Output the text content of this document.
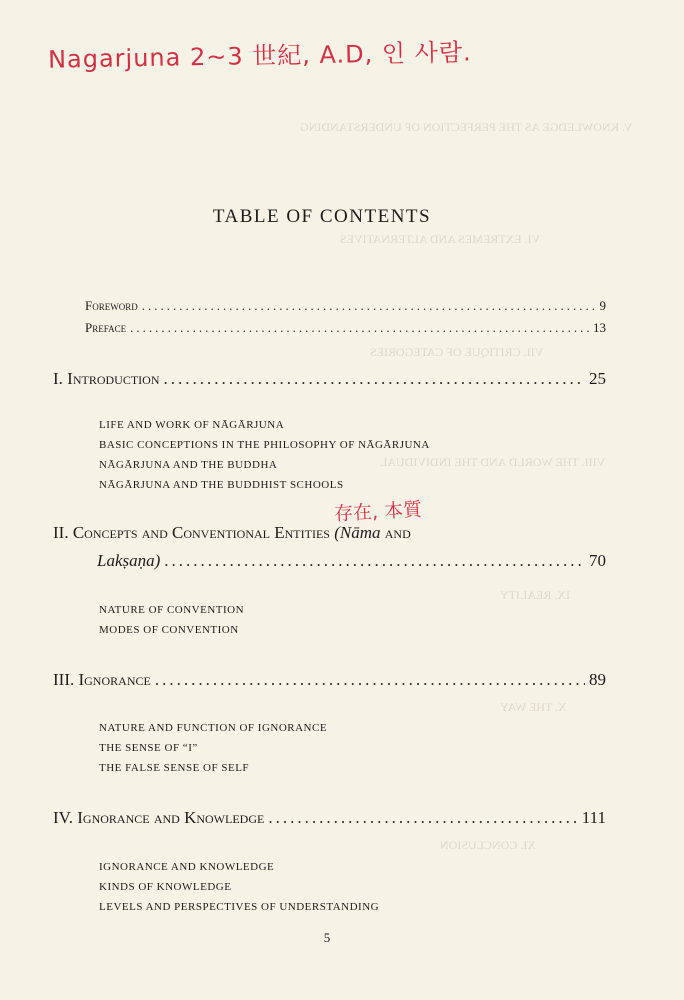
V. KNOWLEDGE AS THE PERFECTION OF UNDERSTANDING
VI. EXTREMES AND ALTERNATIVES
VII. CRITIQUE OF CATEGORIES
VIII. THE WORLD AND THE INDIVIDUAL
IX. REALITY
X. THE WAY
XI. CONCLUSION
Nagarjuna 2~3 世紀, A.D, 인 사람.
TABLE OF CONTENTS
Foreword .....	9
Preface .....	13
I. Introduction .....	25
LIFE AND WORK OF NĀGĀRJUNA
BASIC CONCEPTIONS IN THE PHILOSOPHY OF NĀGĀRJUNA
NĀGĀRJUNA AND THE BUDDHA
NĀGĀRJUNA AND THE BUDDHIST SCHOOLS
存在, 本質
II. Concepts and Conventional Entities (Nāma and
Lakṣaṇa) .....	70
NATURE OF CONVENTION
MODES OF CONVENTION
III. Ignorance .....	89
NATURE AND FUNCTION OF IGNORANCE
THE SENSE OF “I”
THE FALSE SENSE OF SELF
IV. Ignorance and Knowledge .....	111
IGNORANCE AND KNOWLEDGE
KINDS OF KNOWLEDGE
LEVELS AND PERSPECTIVES OF UNDERSTANDING
5
